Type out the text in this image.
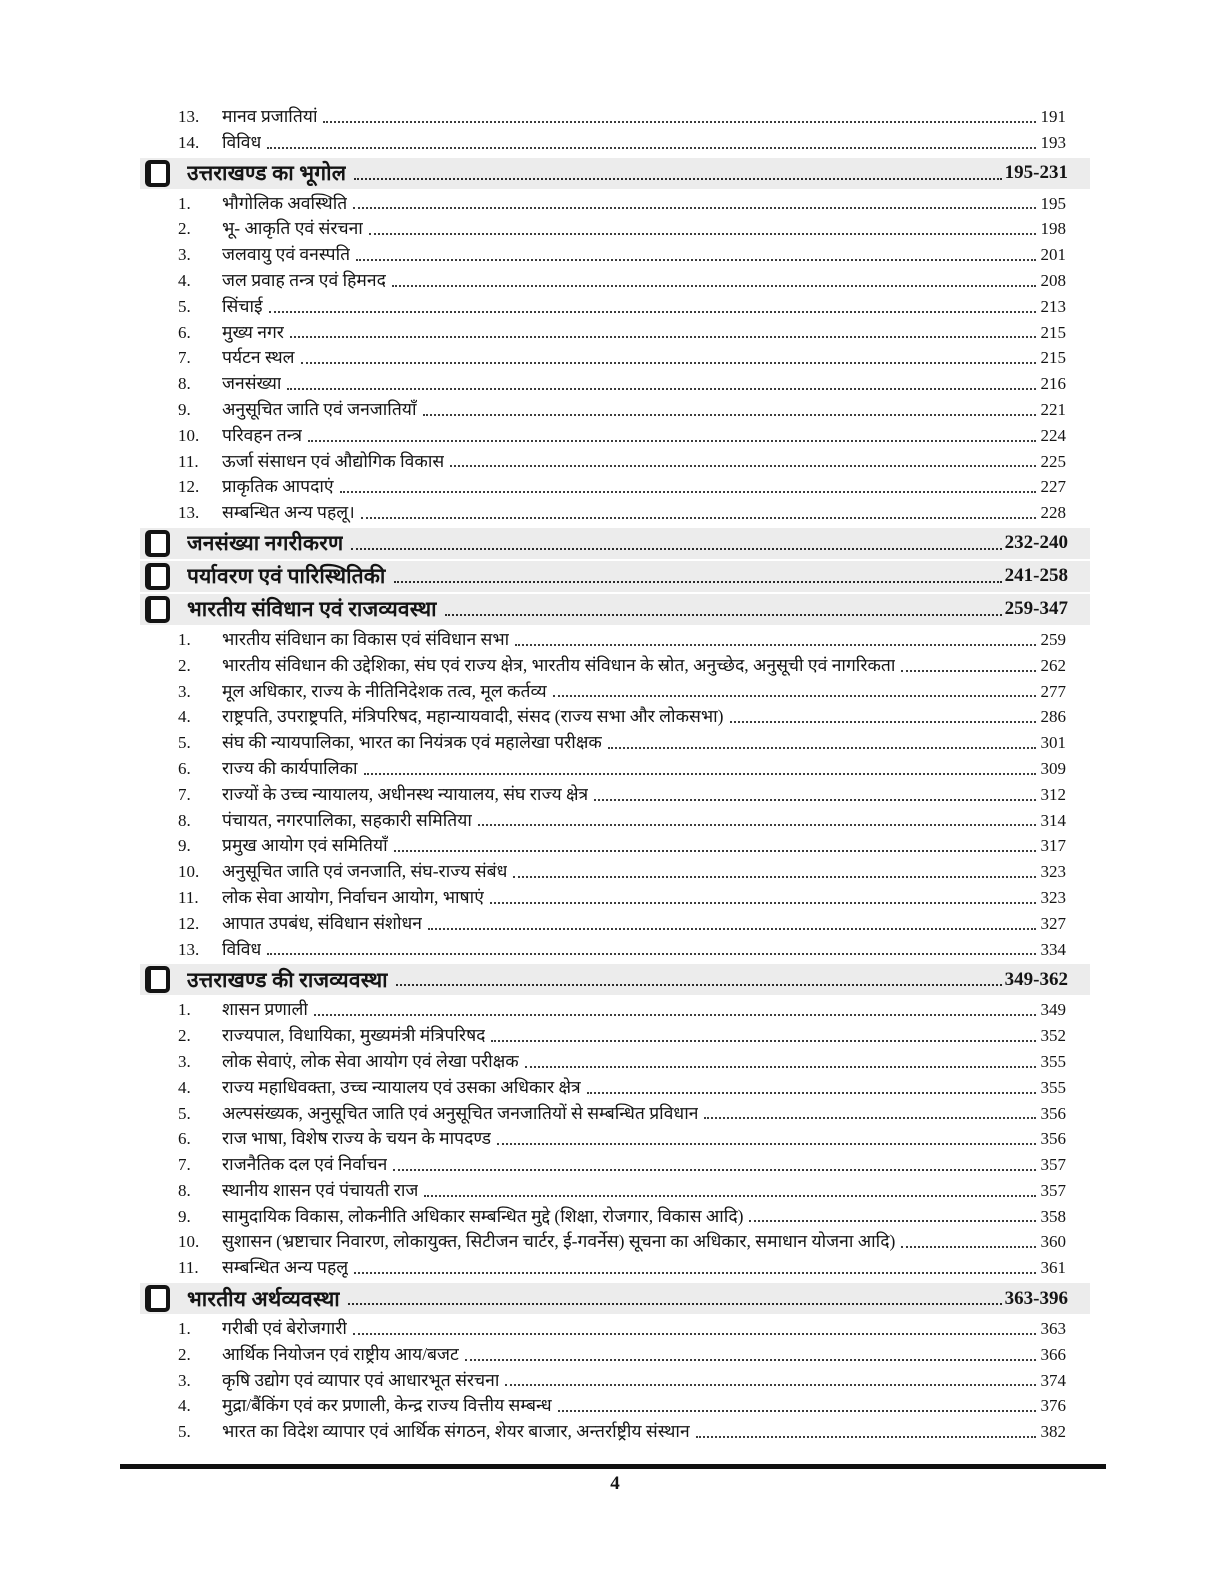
13.	मानव प्रजातियां	191
14.	विविध	193
उत्तराखण्ड का भूगोल	195-231
1.	भौगोलिक अवस्थिति	195
2.	भू- आकृति एवं संरचना	198
3.	जलवायु एवं वनस्पति	201
4.	जल प्रवाह तन्त्र एवं हिमनद	208
5.	सिंचाई	213
6.	मुख्य नगर	215
7.	पर्यटन स्थल	215
8.	जनसंख्या	216
9.	अनुसूचित जाति एवं जनजातियाँ	221
10.	परिवहन तन्त्र	224
11.	ऊर्जा संसाधन एवं औद्योगिक विकास	225
12.	प्राकृतिक आपदाएं	227
13.	सम्बन्धित अन्य पहलू।	228
जनसंख्या नगरीकरण	232-240
पर्यावरण एवं पारिस्थितिकी	241-258
भारतीय संविधान एवं राजव्यवस्था	259-347
1.	भारतीय संविधान का विकास एवं संविधान सभा	259
2.	भारतीय संविधान की उद्देशिका, संघ एवं राज्य क्षेत्र, भारतीय संविधान के स्रोत, अनुच्छेद, अनुसूची एवं नागरिकता	262
3.	मूल अधिकार, राज्य के नीतिनिदेशक तत्व, मूल कर्तव्य	277
4.	राष्ट्रपति, उपराष्ट्रपति, मंत्रिपरिषद, महान्यायवादी, संसद (राज्य सभा और लोकसभा)	286
5.	संघ की न्यायपालिका, भारत का नियंत्रक एवं महालेखा परीक्षक	301
6.	राज्य की कार्यपालिका	309
7.	राज्यों के उच्च न्यायालय, अधीनस्थ न्यायालय, संघ राज्य क्षेत्र	312
8.	पंचायत, नगरपालिका, सहकारी समितिया	314
9.	प्रमुख आयोग एवं समितियाँ	317
10.	अनुसूचित जाति एवं जनजाति, संघ-राज्य संबंध	323
11.	लोक सेवा आयोग, निर्वाचन आयोग, भाषाएं	323
12.	आपात उपबंध, संविधान संशोधन	327
13.	विविध	334
उत्तराखण्ड की राजव्यवस्था	349-362
1.	शासन प्रणाली	349
2.	राज्यपाल, विधायिका, मुख्यमंत्री मंत्रिपरिषद	352
3.	लोक सेवाएं, लोक सेवा आयोग एवं लेखा परीक्षक	355
4.	राज्य महाधिवक्ता, उच्च न्यायालय एवं उसका अधिकार क्षेत्र	355
5.	अल्पसंख्यक, अनुसूचित जाति एवं अनुसूचित जनजातियों से सम्बन्धित प्रविधान	356
6.	राज भाषा, विशेष राज्य के चयन के मापदण्ड	356
7.	राजनैतिक दल एवं निर्वाचन	357
8.	स्थानीय शासन एवं पंचायती राज	357
9.	सामुदायिक विकास, लोकनीति अधिकार सम्बन्धित मुद्दे (शिक्षा, रोजगार, विकास आदि)	358
10.	सुशासन (भ्रष्टाचार निवारण, लोकायुक्त, सिटीजन चार्टर, ई-गवर्नेस) सूचना का अधिकार, समाधान योजना आदि)	360
11.	सम्बन्धित अन्य पहलू	361
भारतीय अर्थव्यवस्था	363-396
1.	गरीबी एवं बेरोजगारी	363
2.	आर्थिक नियोजन एवं राष्ट्रीय आय/बजट	366
3.	कृषि उद्योग एवं व्यापार एवं आधारभूत संरचना	374
4.	मुद्रा/बैंकिंग एवं कर प्रणाली, केन्द्र राज्य वित्तीय सम्बन्ध	376
5.	भारत का विदेश व्यापार एवं आर्थिक संगठन, शेयर बाजार, अन्तर्राष्ट्रीय संस्थान	382
4
